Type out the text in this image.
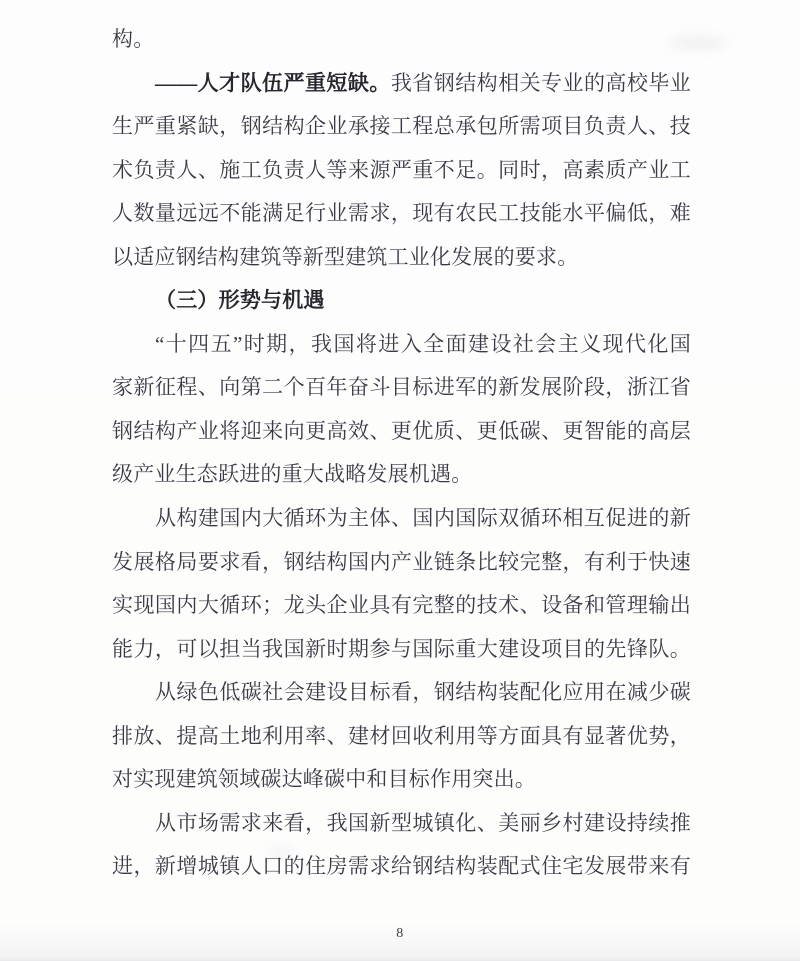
构。
——人才队伍严重短缺。我省钢结构相关专业的高校毕业
生严重紧缺，钢结构企业承接工程总承包所需项目负责人、技
术负责人、施工负责人等来源严重不足。同时，高素质产业工
人数量远远不能满足行业需求，现有农民工技能水平偏低，难
以适应钢结构建筑等新型建筑工业化发展的要求。
（三）形势与机遇
“十四五”时期，我国将进入全面建设社会主义现代化国
家新征程、向第二个百年奋斗目标进军的新发展阶段，浙江省
钢结构产业将迎来向更高效、更优质、更低碳、更智能的高层
级产业生态跃进的重大战略发展机遇。
从构建国内大循环为主体、国内国际双循环相互促进的新
发展格局要求看，钢结构国内产业链条比较完整，有利于快速
实现国内大循环；龙头企业具有完整的技术、设备和管理输出
能力，可以担当我国新时期参与国际重大建设项目的先锋队。
从绿色低碳社会建设目标看，钢结构装配化应用在减少碳
排放、提高土地利用率、建材回收利用等方面具有显著优势，
对实现建筑领域碳达峰碳中和目标作用突出。
从市场需求来看，我国新型城镇化、美丽乡村建设持续推
进，新增城镇人口的住房需求给钢结构装配式住宅发展带来有
8
